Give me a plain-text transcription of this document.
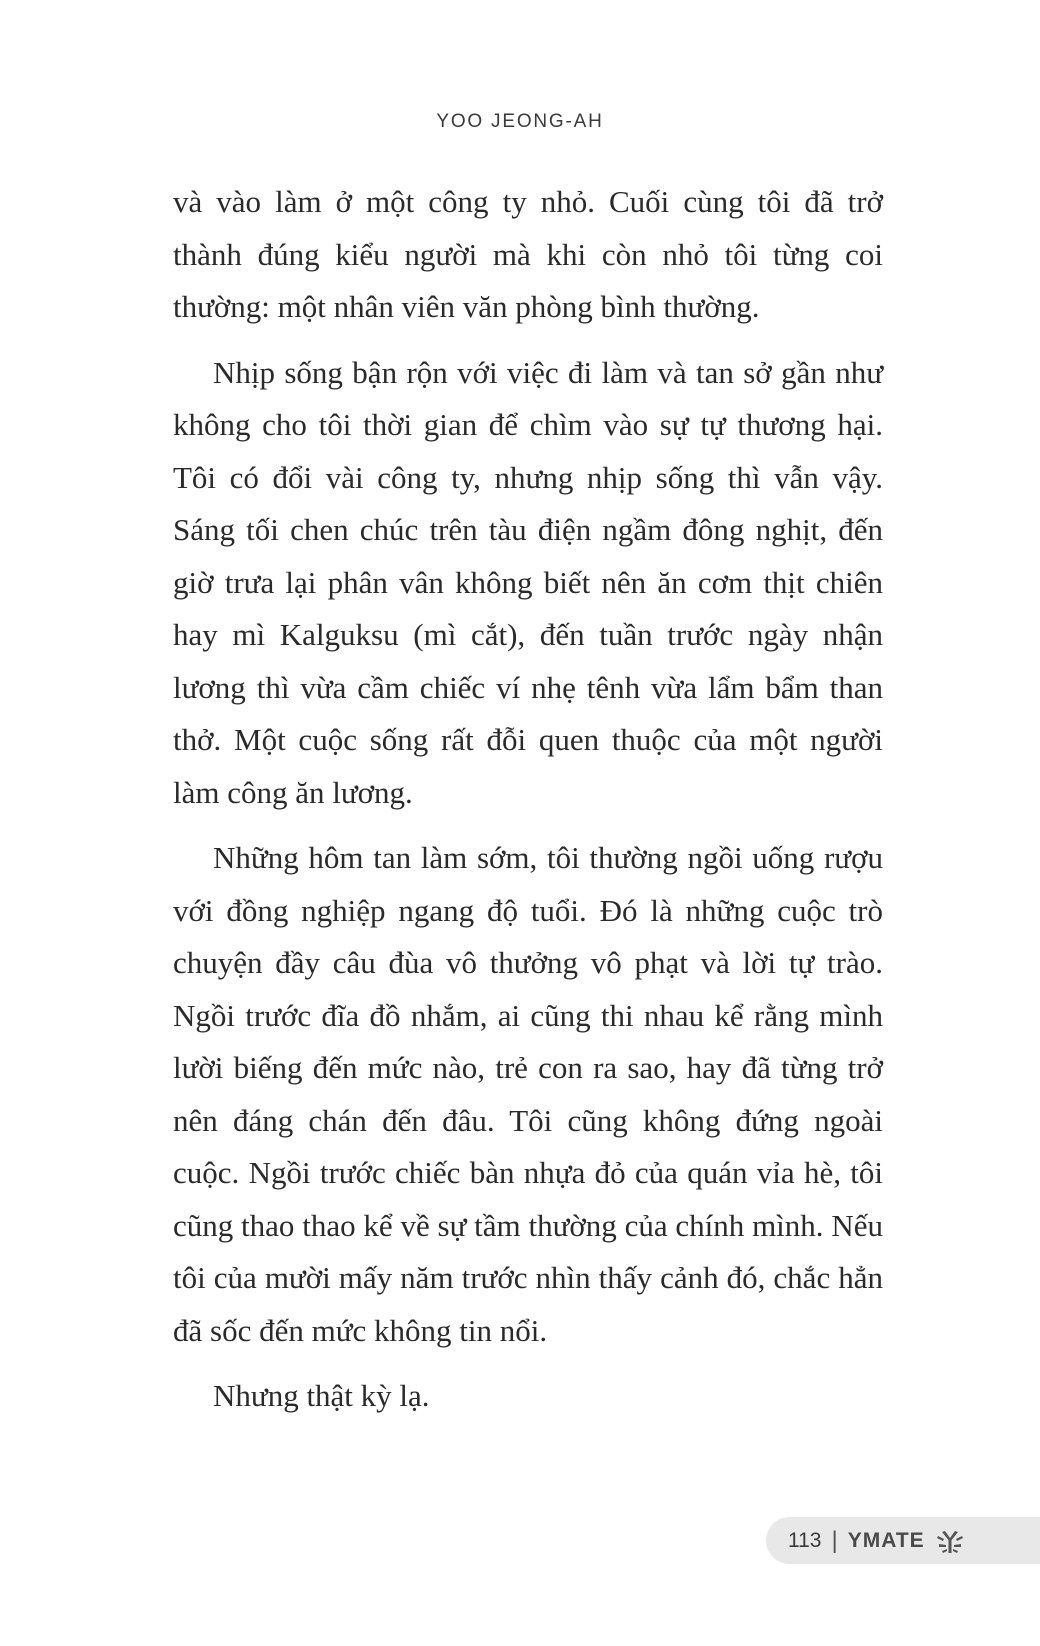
YOO JEONG-AH

và vào làm ở một công ty nhỏ. Cuối cùng tôi đã trở thành đúng kiểu người mà khi còn nhỏ tôi từng coi thường: một nhân viên văn phòng bình thường.

Nhịp sống bận rộn với việc đi làm và tan sở gần như không cho tôi thời gian để chìm vào sự tự thương hại. Tôi có đổi vài công ty, nhưng nhịp sống thì vẫn vậy. Sáng tối chen chúc trên tàu điện ngầm đông nghịt, đến giờ trưa lại phân vân không biết nên ăn cơm thịt chiên hay mì Kalguksu (mì cắt), đến tuần trước ngày nhận lương thì vừa cầm chiếc ví nhẹ tênh vừa lẩm bẩm than thở. Một cuộc sống rất đỗi quen thuộc của một người làm công ăn lương.

Những hôm tan làm sớm, tôi thường ngồi uống rượu với đồng nghiệp ngang độ tuổi. Đó là những cuộc trò chuyện đầy câu đùa vô thưởng vô phạt và lời tự trào. Ngồi trước đĩa đồ nhắm, ai cũng thi nhau kể rằng mình lười biếng đến mức nào, trẻ con ra sao, hay đã từng trở nên đáng chán đến đâu. Tôi cũng không đứng ngoài cuộc. Ngồi trước chiếc bàn nhựa đỏ của quán vỉa hè, tôi cũng thao thao kể về sự tầm thường của chính mình. Nếu tôi của mười mấy năm trước nhìn thấy cảnh đó, chắc hẳn đã sốc đến mức không tin nổi.

Nhưng thật kỳ lạ.

113 | YMATE
